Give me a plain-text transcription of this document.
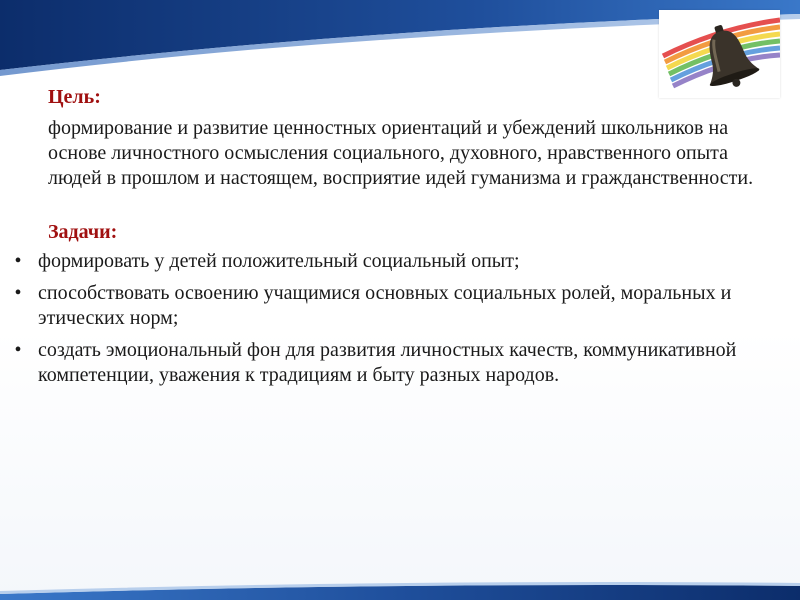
Цель:

формирование и развитие ценностных ориентаций и убеждений школьников на основе личностного осмысления социального, духовного, нравственного опыта людей в прошлом и настоящем, восприятие идей гуманизма и гражданственности.

Задачи:

• формировать у детей положительный социальный опыт;
• способствовать освоению учащимися основных социальных ролей, моральных и этических норм;
• создать эмоциональный фон для развития личностных качеств, коммуникативной компетенции, уважения к традициям и быту разных народов.
